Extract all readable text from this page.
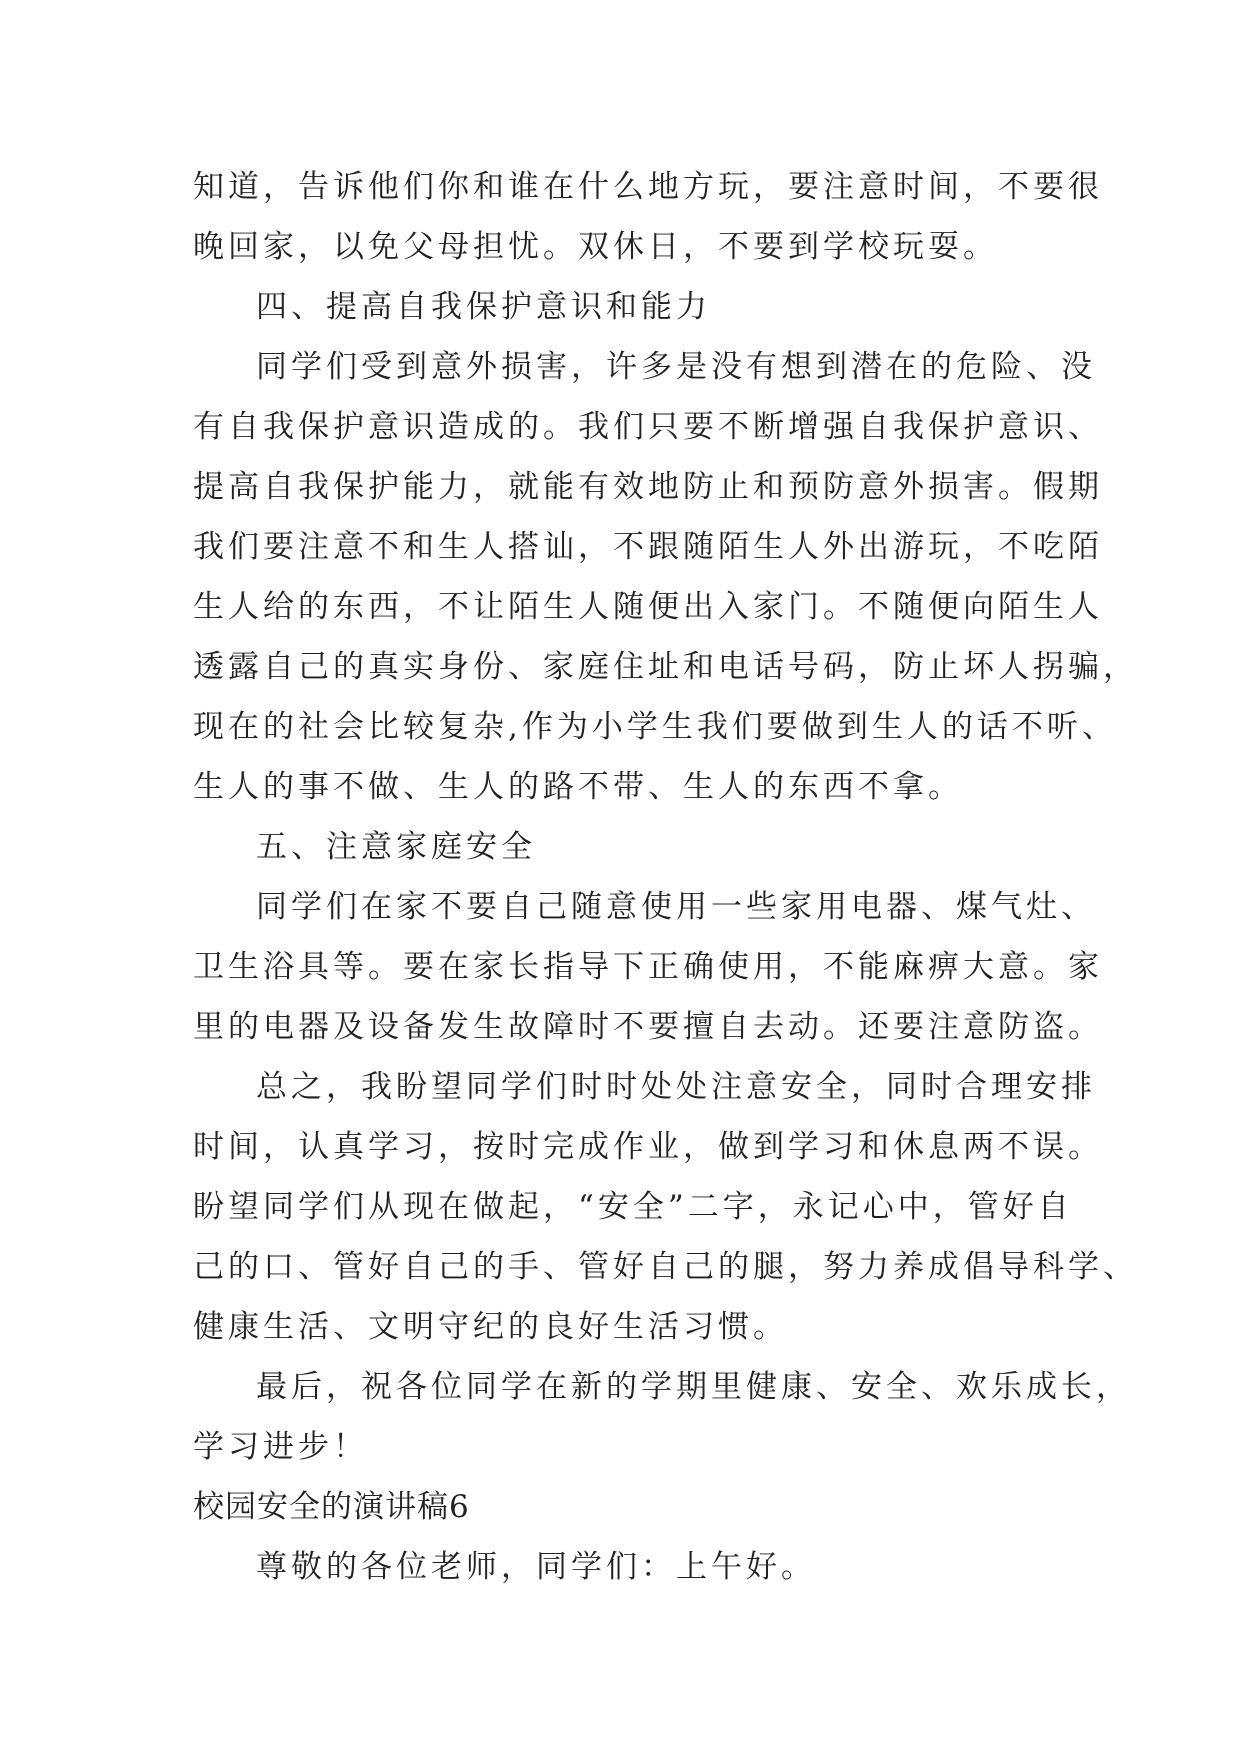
知道，告诉他们你和谁在什么地方玩，要注意时间，不要很
晚回家，以免父母担忧。双休日，不要到学校玩耍。
四、提高自我保护意识和能力
同学们受到意外损害，许多是没有想到潜在的危险、没
有自我保护意识造成的。我们只要不断增强自我保护意识、
提高自我保护能力，就能有效地防止和预防意外损害。假期
我们要注意不和生人搭讪，不跟随陌生人外出游玩，不吃陌
生人给的东西，不让陌生人随便出入家门。不随便向陌生人
透露自己的真实身份、家庭住址和电话号码，防止坏人拐骗，
现在的社会比较复杂,作为小学生我们要做到生人的话不听、
生人的事不做、生人的路不带、生人的东西不拿。
五、注意家庭安全
同学们在家不要自己随意使用一些家用电器、煤气灶、
卫生浴具等。要在家长指导下正确使用，不能麻痹大意。家
里的电器及设备发生故障时不要擅自去动。还要注意防盗。
总之，我盼望同学们时时处处注意安全，同时合理安排
时间，认真学习，按时完成作业，做到学习和休息两不误。
盼望同学们从现在做起，“安全”二字，永记心中，管好自
己的口、管好自己的手、管好自己的腿，努力养成倡导科学、
健康生活、文明守纪的良好生活习惯。
最后，祝各位同学在新的学期里健康、安全、欢乐成长，
学习进步！
校园安全的演讲稿6
尊敬的各位老师，同学们：上午好。
